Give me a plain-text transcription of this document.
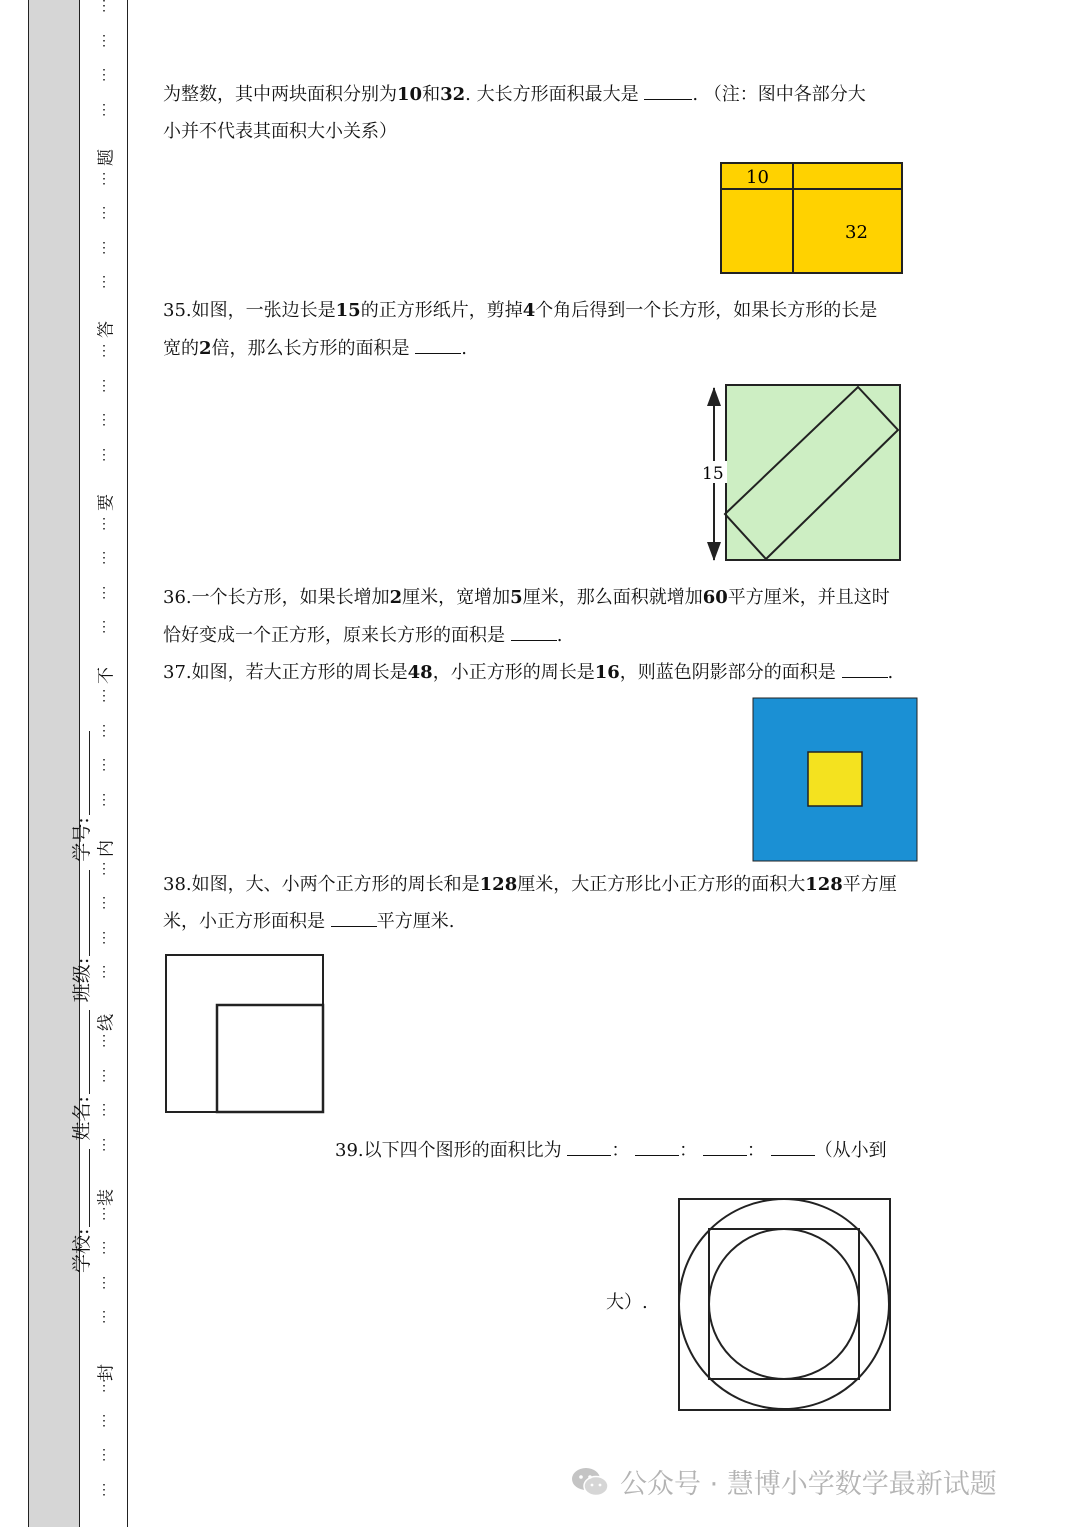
学校:
姓名:
班级:
学号:
⋮
⋮
⋮
⋮
⋮
⋮
⋮
⋮
⋮
⋮
⋮
⋮
⋮
⋮
⋮
⋮
⋮
⋮
⋮
⋮
⋮
⋮
⋮
⋮
⋮
⋮
⋮
⋮
⋮
⋮
⋮
⋮
⋮
⋮
⋮
⋮
题
答
要
不
内
线
装
封
为整数，其中两块面积分别为10和32. 大长方形面积最大是	. （注：图中各部分大
小并不代表其面积大小关系）
10
32
35.如图，一张边长是15的正方形纸片，剪掉4个角后得到一个长方形，如果长方形的长是
宽的2倍，那么长方形的面积是	.
15
36.一个长方形，如果长增加2厘米，宽增加5厘米，那么面积就增加60平方厘米，并且这时
恰好变成一个正方形，原来长方形的面积是	.
37.如图，若大正方形的周长是48，小正方形的周长是16，则蓝色阴影部分的面积是	.
38.如图，大、小两个正方形的周长和是128厘米，大正方形比小正方形的面积大128平方厘
米，小正方形面积是	平方厘米.
39.以下四个图形的面积比为	：	：	：	（从小到
大）.
公众号 · 慧博小学数学最新试题
